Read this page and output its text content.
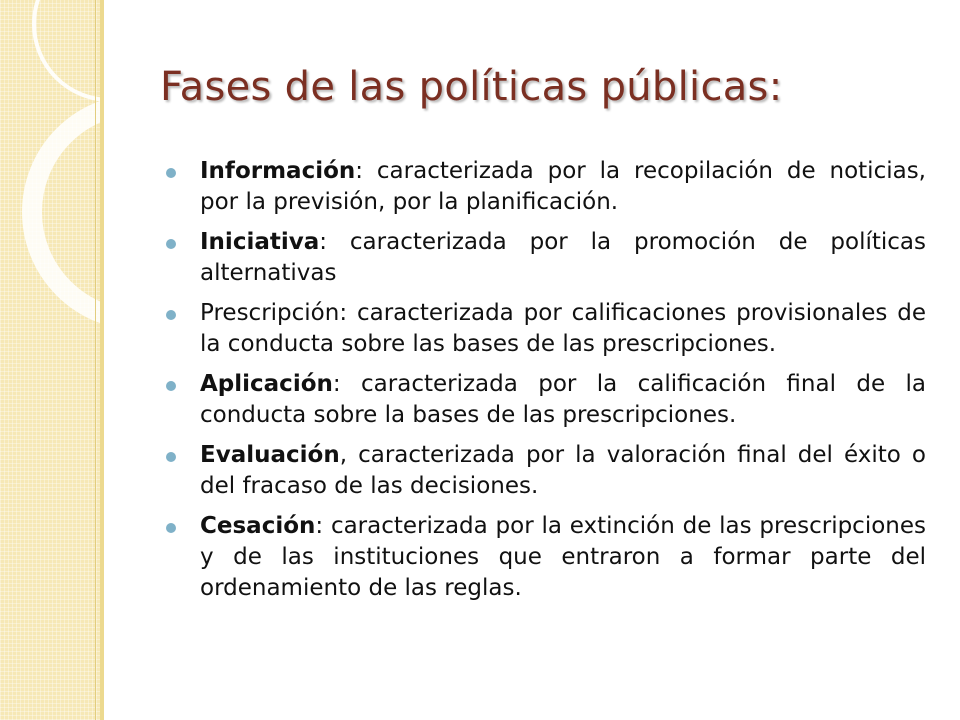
Fases de las políticas públicas:
Información: caracterizada por la recopilación de noticias, por la previsión, por la planificación.
Iniciativa: caracterizada por la promoción de políticas alternativas
Prescripción: caracterizada por calificaciones provisionales de la conducta sobre las bases de las prescripciones.
Aplicación: caracterizada por la calificación final de la conducta sobre la bases de las prescripciones.
Evaluación, caracterizada por la valoración final del éxito o del fracaso de las decisiones.
Cesación: caracterizada por la extinción de las prescripciones y de las instituciones que entraron a formar parte del ordenamiento de las reglas.
